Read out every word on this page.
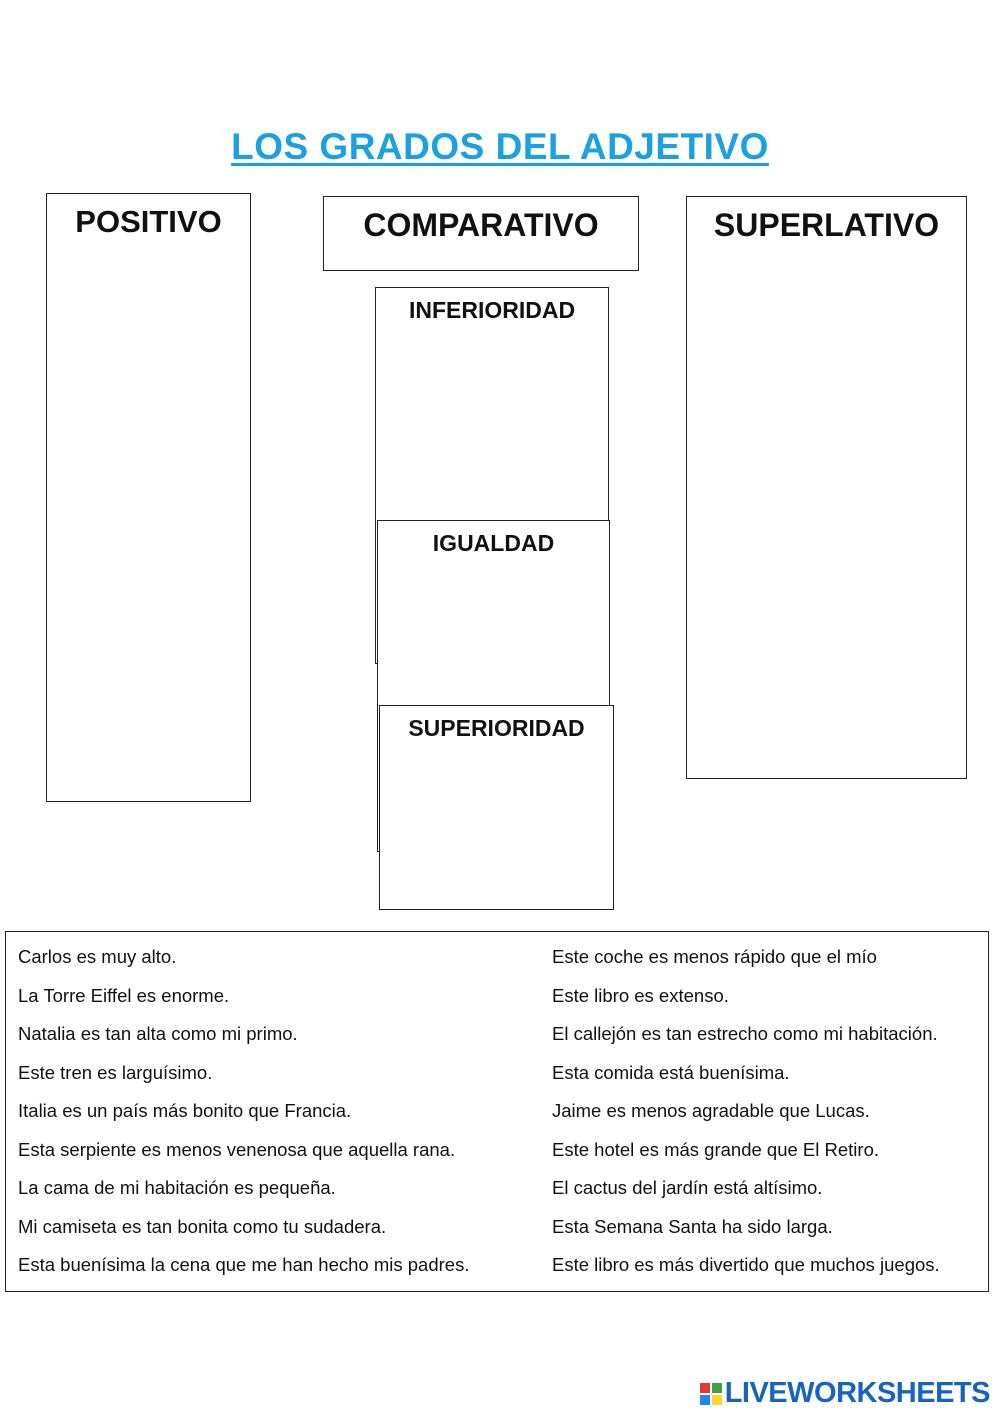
LOS GRADOS DEL ADJETIVO
POSITIVO	COMPARATIVO	SUPERLATIVO
INFERIORIDAD
IGUALDAD
SUPERIORIDAD
Carlos es muy alto.
La Torre Eiffel es enorme.
Natalia es tan alta como mi primo.
Este tren es larguísimo.
Italia es un país más bonito que Francia.
Esta serpiente es menos venenosa que aquella rana.
La cama de mi habitación es pequeña.
Mi camiseta es tan bonita como tu sudadera.
Esta buenísima la cena que me han hecho mis padres.
Este coche es menos rápido que el mío
Este libro es extenso.
El callejón es tan estrecho como mi habitación.
Esta comida está buenísima.
Jaime es menos agradable que Lucas.
Este hotel es más grande que El Retiro.
El cactus del jardín está altísimo.
Esta Semana Santa ha sido larga.
Este libro es más divertido que muchos juegos.
LIVEWORKSHEETS
